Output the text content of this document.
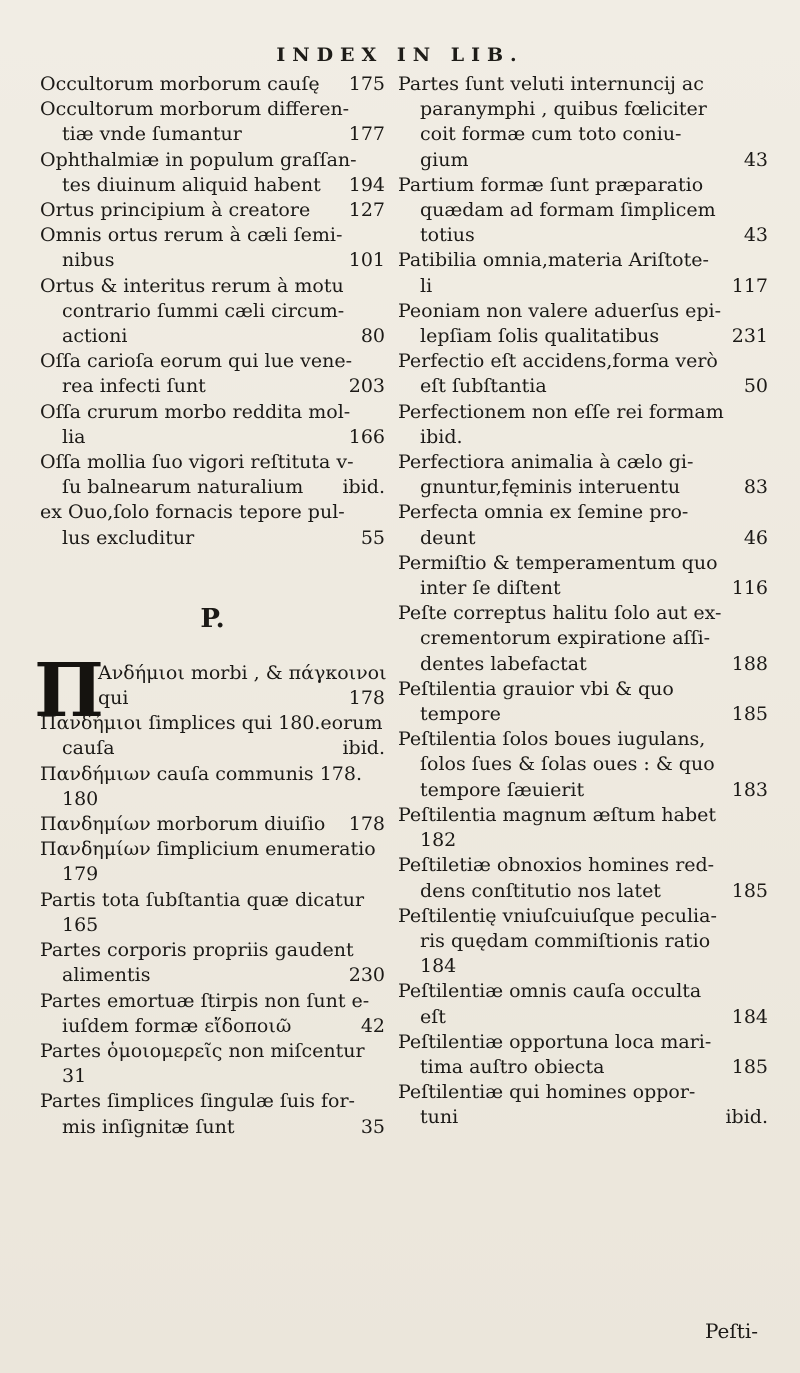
INDEX IN LIB.
Occultorum morborum cauſę 175
Occultorum morborum differen-
tiæ vnde ſumantur	177
Ophthalmiæ in populum graſſan-
tes diuinum aliquid habent 194
Ortus principium à creatore 127
Omnis ortus rerum à cæli ſemi-
nibus	101
Ortus & interitus rerum à motu
contrario ſummi cæli circum-
actioni	80
Oſſa carioſa eorum qui lue vene-
rea infecti ſunt	203
Oſſa crurum morbo reddita mol-
lia	166
Oſſa mollia ſuo vigori reſtituta v-
ſu balnearum naturalium ibid.
ex Ouo,ſolo fornacis tepore pul-
lus excluditur	55
P.
Π
Ανδήμιοι morbi , & πάγκοινοι
qui	178
Πανδήμιοι ſimplices qui 180.eorum
cauſa	ibid.
Πανδήμιων cauſa communis 178.
180
Πανδημίων morborum diuiſio 178
Πανδημίων ſimplicium enumeratio
179
Partis tota ſubſtantia quæ dicatur
165
Partes corporis propriis gaudent
alimentis	230
Partes emortuæ ſtirpis non ſunt e-
iuſdem formæ εἴδοποιῶ	42
Partes ὁμοιομερεῖς non miſcentur
31
Partes ſimplices ſingulæ ſuis for-
mis inſignitæ ſunt	35
Partes ſunt veluti internuncij ac
paranymphi , quibus fœliciter
coit formæ cum toto coniu-
gium	43
Partium formæ ſunt præparatio
quædam ad formam ſimplicem
totius	43
Patibilia omnia,materia Ariſtote-
li	117
Peoniam non valere aduerſus epi-
lepſiam ſolis qualitatibus	231
Perfectio eſt accidens,forma verò
eſt ſubſtantia	50
Perfectionem non eſſe rei formam
ibid.
Perfectiora animalia à cælo gi-
gnuntur,fęminis interuentu	83
Perfecta omnia ex ſemine pro-
deunt	46
Permiſtio & temperamentum quo
inter ſe diſtent	116
Peſte correptus halitu ſolo aut ex-
crementorum expiratione aſſi-
dentes labefactat	188
Peſtilentia grauior vbi & quo
tempore	185
Peſtilentia ſolos boues iugulans,
ſolos ſues & ſolas oues : & quo
tempore ſæuierit	183
Peſtilentia magnum æſtum habet
182
Peſtiletiæ obnoxios homines red-
dens conſtitutio nos latet	185
Peſtilentię vniuſcuiuſque peculia-
ris quędam commiſtionis ratio
184
Peſtilentiæ omnis cauſa occulta
eſt	184
Peſtilentiæ opportuna loca mari-
tima auſtro obiecta	185
Peſtilentiæ qui homines oppor-
tuni	ibid.
Peſti-
